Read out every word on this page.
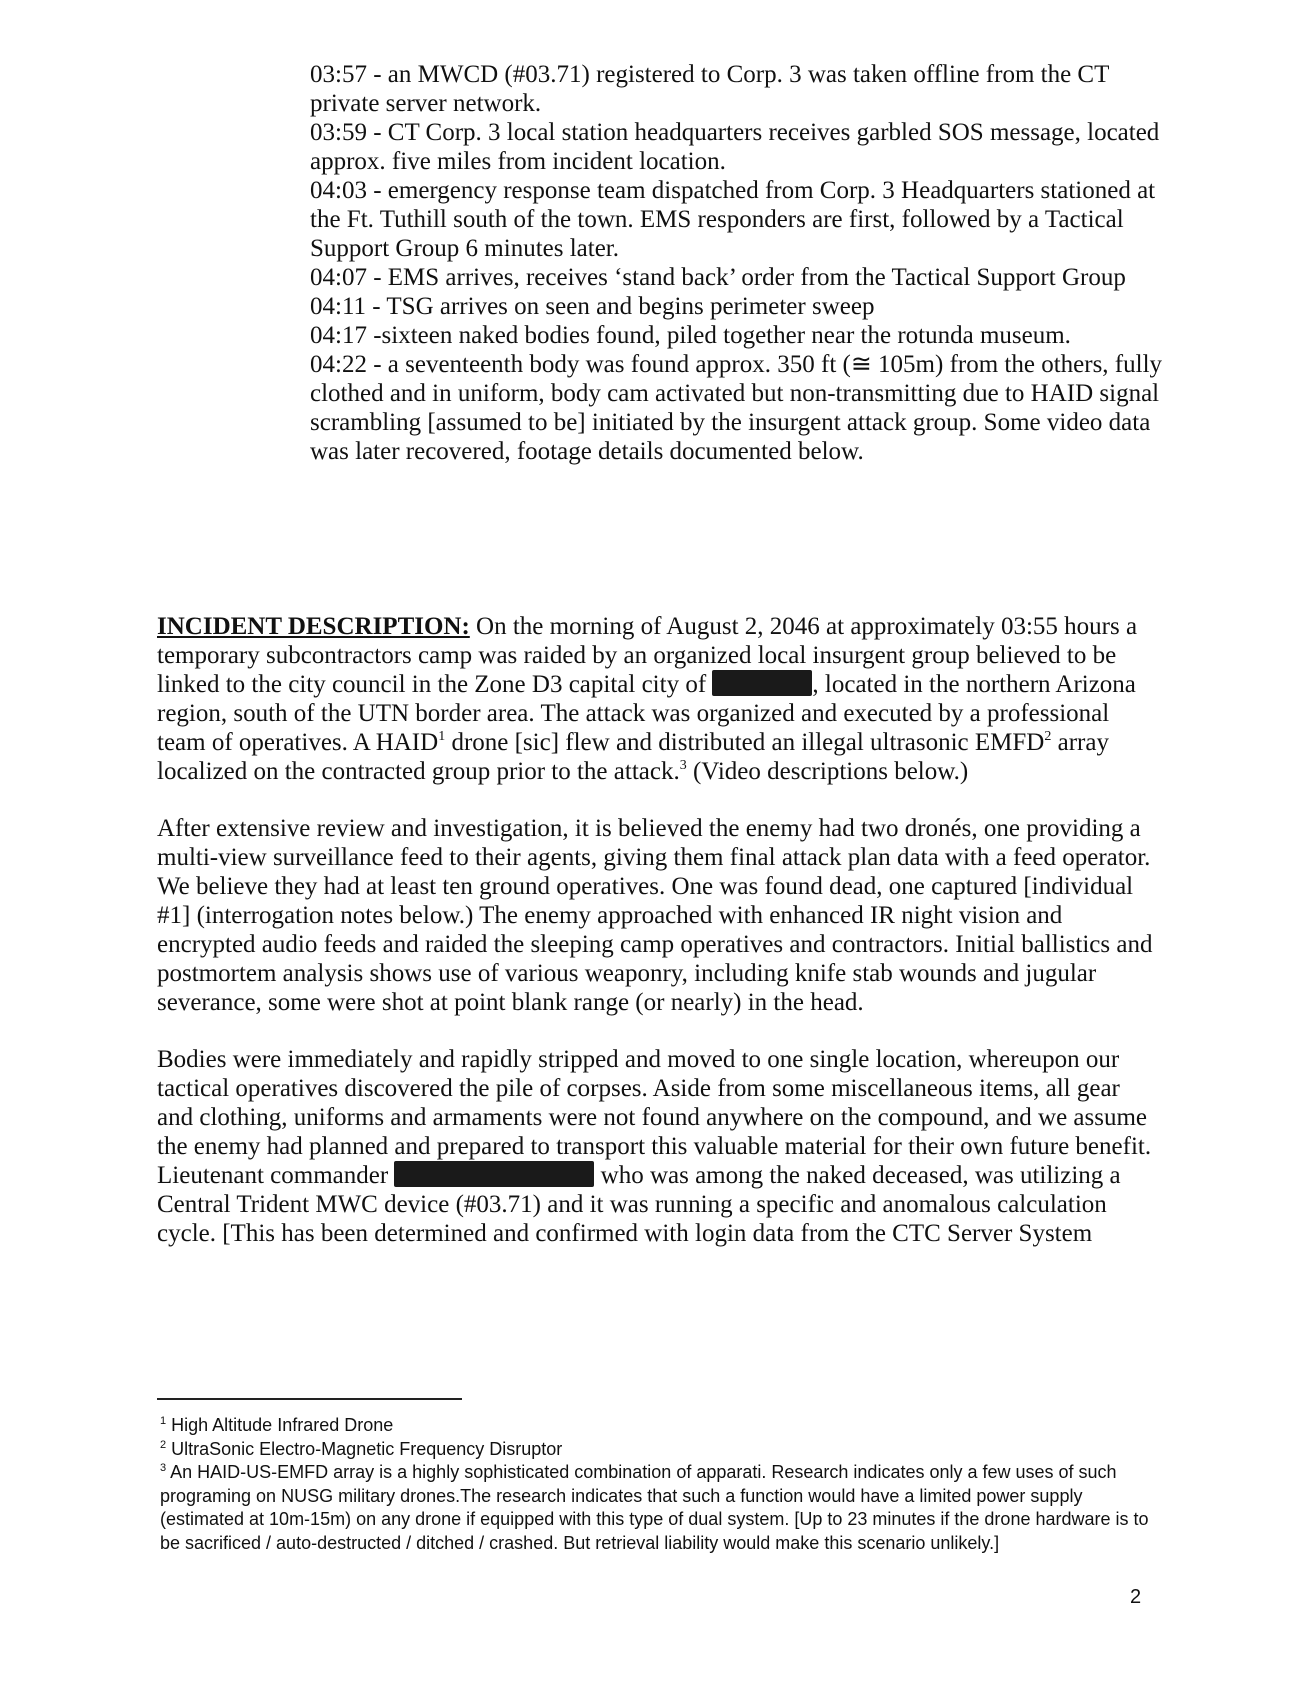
03:57 - an MWCD (#03.71) registered to Corp. 3 was taken offline from the CT private server network.

03:59 - CT Corp. 3 local station headquarters receives garbled SOS message, located approx. five miles from incident location.

04:03 - emergency response team dispatched from Corp. 3 Headquarters stationed at the Ft. Tuthill south of the town. EMS responders are first, followed by a Tactical Support Group 6 minutes later.

04:07 - EMS arrives, receives ‘stand back’ order from the Tactical Support Group

04:11 - TSG arrives on seen and begins perimeter sweep

04:17 -sixteen naked bodies found, piled together near the rotunda museum.

04:22 - a seventeenth body was found approx. 350 ft (≅ 105m) from the others, fully clothed and in uniform, body cam activated but non-transmitting due to HAID signal scrambling [assumed to be] initiated by the insurgent attack group. Some video data was later recovered, footage details documented below.

INCIDENT DESCRIPTION: On the morning of August 2, 2046 at approximately 03:55 hours a temporary subcontractors camp was raided by an organized local insurgent group believed to be linked to the city council in the Zone D3 capital city of	, located in the northern Arizona region, south of the UTN border area. The attack was organized and executed by a professional team of operatives. A HAID$^1$ drone [sic] flew and distributed an illegal ultrasonic EMFD$^2$ array localized on the contracted group prior to the attack.$^3$ (Video descriptions below.)

After extensive review and investigation, it is believed the enemy had two dronés, one providing a multi-view surveillance feed to their agents, giving them final attack plan data with a feed operator. We believe they had at least ten ground operatives. One was found dead, one captured [individual #1] (interrogation notes below.) The enemy approached with enhanced IR night vision and encrypted audio feeds and raided the sleeping camp operatives and contractors. Initial ballistics and postmortem analysis shows use of various weaponry, including knife stab wounds and jugular severance, some were shot at point blank range (or nearly) in the head.

Bodies were immediately and rapidly stripped and moved to one single location, whereupon our tactical operatives discovered the pile of corpses. Aside from some miscellaneous items, all gear and clothing, uniforms and armaments were not found anywhere on the compound, and we assume the enemy had planned and prepared to transport this valuable material for their own future benefit. Lieutenant commander	who was among the naked deceased, was utilizing a Central Trident MWC device (#03.71) and it was running a specific and anomalous calculation cycle. [This has been determined and confirmed with login data from the CTC Server System

$^1$ High Altitude Infrared Drone

$^2$ UltraSonic Electro-Magnetic Frequency Disruptor

$^3$ An HAID-US-EMFD array is a highly sophisticated combination of apparati. Research indicates only a few uses of such programing on NUSG military drones.The research indicates that such a function would have a limited power supply (estimated at 10m-15m) on any drone if equipped with this type of dual system. [Up to 23 minutes if the drone hardware is to be sacrificed / auto-destructed / ditched / crashed. But retrieval liability would make this scenario unlikely.]

2
